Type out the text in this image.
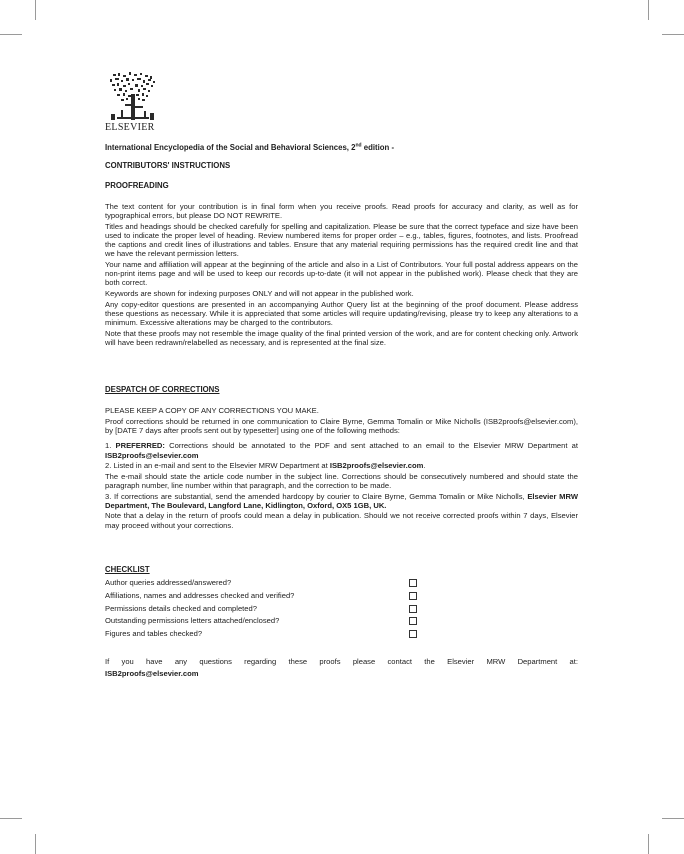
ELSEVIER
International Encyclopedia of the Social and Behavioral Sciences, 2nd edition -
CONTRIBUTORS' INSTRUCTIONS
PROOFREADING

The text content for your contribution is in final form when you receive proofs. Read proofs for accuracy and clarity, as well as for typographical errors, but please DO NOT REWRITE.

Titles and headings should be checked carefully for spelling and capitalization. Please be sure that the correct typeface and size have been used to indicate the proper level of heading. Review numbered items for proper order – e.g., tables, figures, footnotes, and lists. Proofread the captions and credit lines of illustrations and tables. Ensure that any material requiring permissions has the required credit line and that we have the relevant permission letters.

Your name and affiliation will appear at the beginning of the article and also in a List of Contributors. Your full postal address appears on the non-print items page and will be used to keep our records up-to-date (it will not appear in the published work). Please check that they are both correct.

Keywords are shown for indexing purposes ONLY and will not appear in the published work.

Any copy-editor questions are presented in an accompanying Author Query list at the beginning of the proof document. Please address these questions as necessary. While it is appreciated that some articles will require updating/revising, please try to keep any alterations to a minimum. Excessive alterations may be charged to the contributors.

Note that these proofs may not resemble the image quality of the final printed version of the work, and are for content checking only. Artwork will have been redrawn/relabelled as necessary, and is represented at the final size.

DESPATCH OF CORRECTIONS

PLEASE KEEP A COPY OF ANY CORRECTIONS YOU MAKE.

Proof corrections should be returned in one communication to Claire Byrne, Gemma Tomalin or Mike Nicholls (ISB2proofs@elsevier.com), by [DATE 7 days after proofs sent out by typesetter] using one of the following methods:

1. PREFERRED: Corrections should be annotated to the PDF and sent attached to an email to the Elsevier MRW Department at ISB2proofs@elsevier.com

2. Listed in an e-mail and sent to the Elsevier MRW Department at ISB2proofs@elsevier.com.

The e-mail should state the article code number in the subject line. Corrections should be consecutively numbered and should state the paragraph number, line number within that paragraph, and the correction to be made.

3. If corrections are substantial, send the amended hardcopy by courier to Claire Byrne, Gemma Tomalin or Mike Nicholls, Elsevier MRW Department, The Boulevard, Langford Lane, Kidlington, Oxford, OX5 1GB, UK.

Note that a delay in the return of proofs could mean a delay in publication. Should we not receive corrected proofs within 7 days, Elsevier may proceed without your corrections.

CHECKLIST
Author queries addressed/answered?
Affiliations, names and addresses checked and verified?
Permissions details checked and completed?
Outstanding permissions letters attached/enclosed?
Figures and tables checked?
If you have any questions regarding these proofs please contact the Elsevier MRW Department at:
ISB2proofs@elsevier.com
